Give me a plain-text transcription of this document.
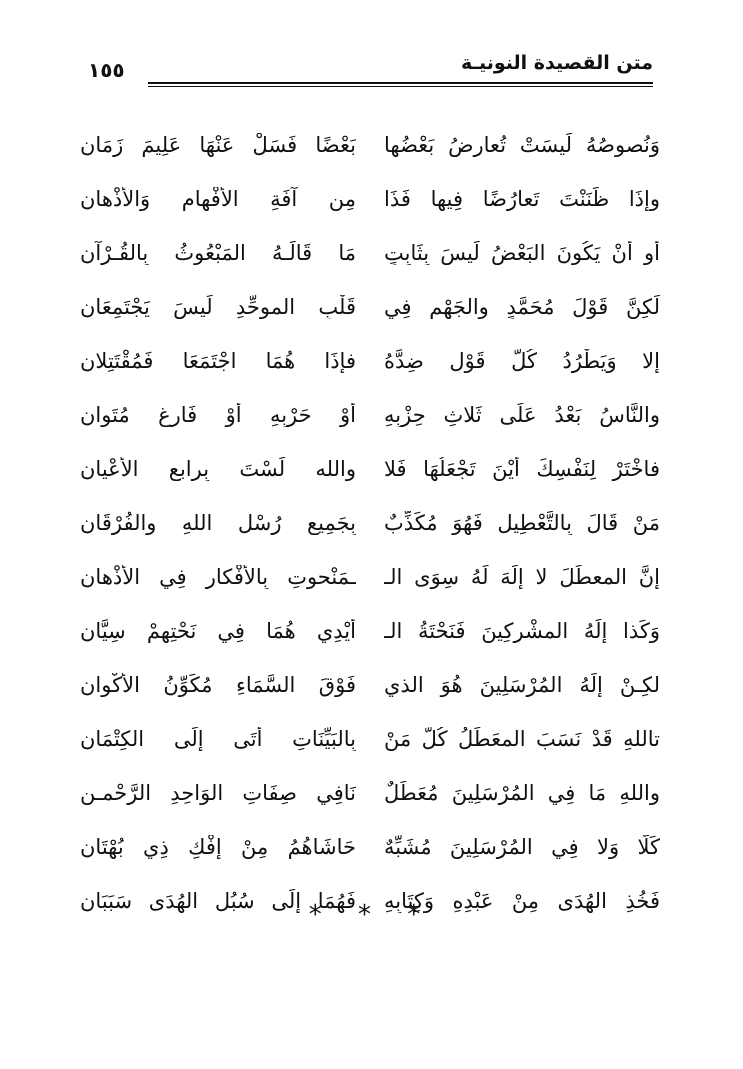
متن القصيدة النونيـة
١٥٥
وَنُصوصُهُ لَيسَتْ تُعارِضُ بَعْضُها
بَعْضًا فَسَلْ عَنْهَا عَلِيمَ زَمَانِ
وإذَا ظَنَنْتَ تَعارُضًا فِيها فَذَا
مِن آفَةِ الأَفْهامِ وَالأَذْهانِ
أو أنْ يَكُونَ البَعْضُ لَيسَ بِثَابِتٍ
مَا قَالَـهُ المَبْعُوثُ بِالقُـرْآنِ
لَكِنَّ قَوْلَ مُحَمَّدٍ والجَهْمِ فِي
قَلْبِ الموحِّدِ لَيسَ يَجْتَمِعَانِ
إلا وَيَطْرُدُ كُلٌّ قَوْلٍ ضِدَّهُ
فإذَا هُمَا اجْتَمَعَا فَمُقْتَتِلانِ
والنَّاسُ بَعْدُ عَلَى ثَلاثِ حِزْبِهِ
أوْ حَرْبِهِ أوْ فَارغٍ مُتَوانِ
فاخْتَرْ لِنَفْسِكَ أَيْنَ تَجْعَلُهَا فَلا
والله لَسْتَ بِرابعِ الأَعْيانِ
مَنْ قَالَ بِالتَّعْطِيلِ فَهُوَ مُكَذِّبٌ
بِجَمِيعِ رُسْلِ اللهِ والفُرْقَانِ
إنَّ المعطِّلَ لا إلَهَ لَهُ سِوَى الـ
ـمَنْحوتِ بِالأَفْكارِ فِي الأَذْهانِ
وَكَذا إلَهُ المشْرِكِينَ فَنَحْتَةُ الـ
أَيْدِي هُمَا فِي نَحْتِهِمْ سِيَّانِ
لكِـنْ إلَهُ المُرْسَلِينَ هُوَ الذي
فَوْقَ السَّمَاءِ مُكَوِّنُ الأَكْوانِ
تاللهِ قَدْ نَسَبَ المعَطِّلُ كُلَّ مَنْ
بِالبَيِّنَاتِ أَتَى إلَى الكِتْمَانِ
واللهِ مَا فِي المُرْسَلِينَ مُعَطِّلٌ
نَافِي صِفَاتِ الوَاحِدِ الرَّحْمـنِ
كَلَّا وَلا فِي المُرْسَلِينَ مُشَبِّهٌ
حَاشَاهُمُ مِنْ إفْكِ ذِي بُهْتَانِ
فَخُذِ الهُدَى مِنْ عَبْدِهِ وَكِتَابِهِ
فَهُمَا إلَى سُبُلِ الهُدَى سَبَبَانِ
* * *
